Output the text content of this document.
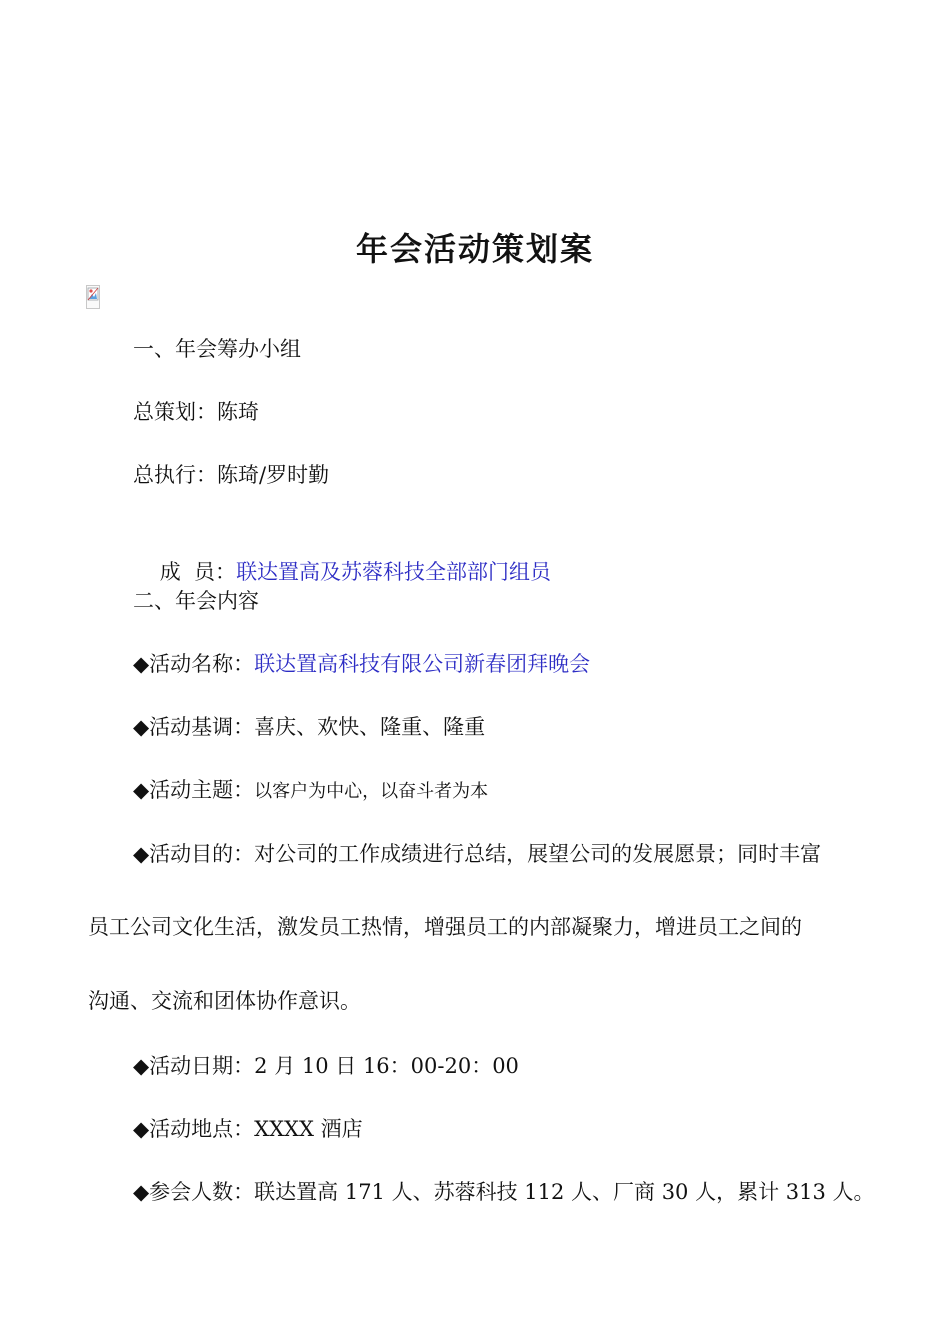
年会活动策划案
一、年会筹办小组
总策划：陈琦
总执行：陈琦/罗时勤

成  员：联达置高及苏蓉科技全部部门组员

二、年会内容
◆活动名称：联达置高科技有限公司新春团拜晚会
◆活动基调：喜庆、欢快、隆重、隆重
◆活动主题：以客户为中心，以奋斗者为本
◆活动目的：对公司的工作成绩进行总结，展望公司的发展愿景；同时丰富
员工公司文化生活，激发员工热情，增强员工的内部凝聚力，增进员工之间的
沟通、交流和团体协作意识。
◆活动日期：2 月 10 日 16：00-20：00
◆活动地点：XXXX 酒店
◆参会人数：联达置高 171 人、苏蓉科技 112 人、厂商 30 人，累计 313 人。
